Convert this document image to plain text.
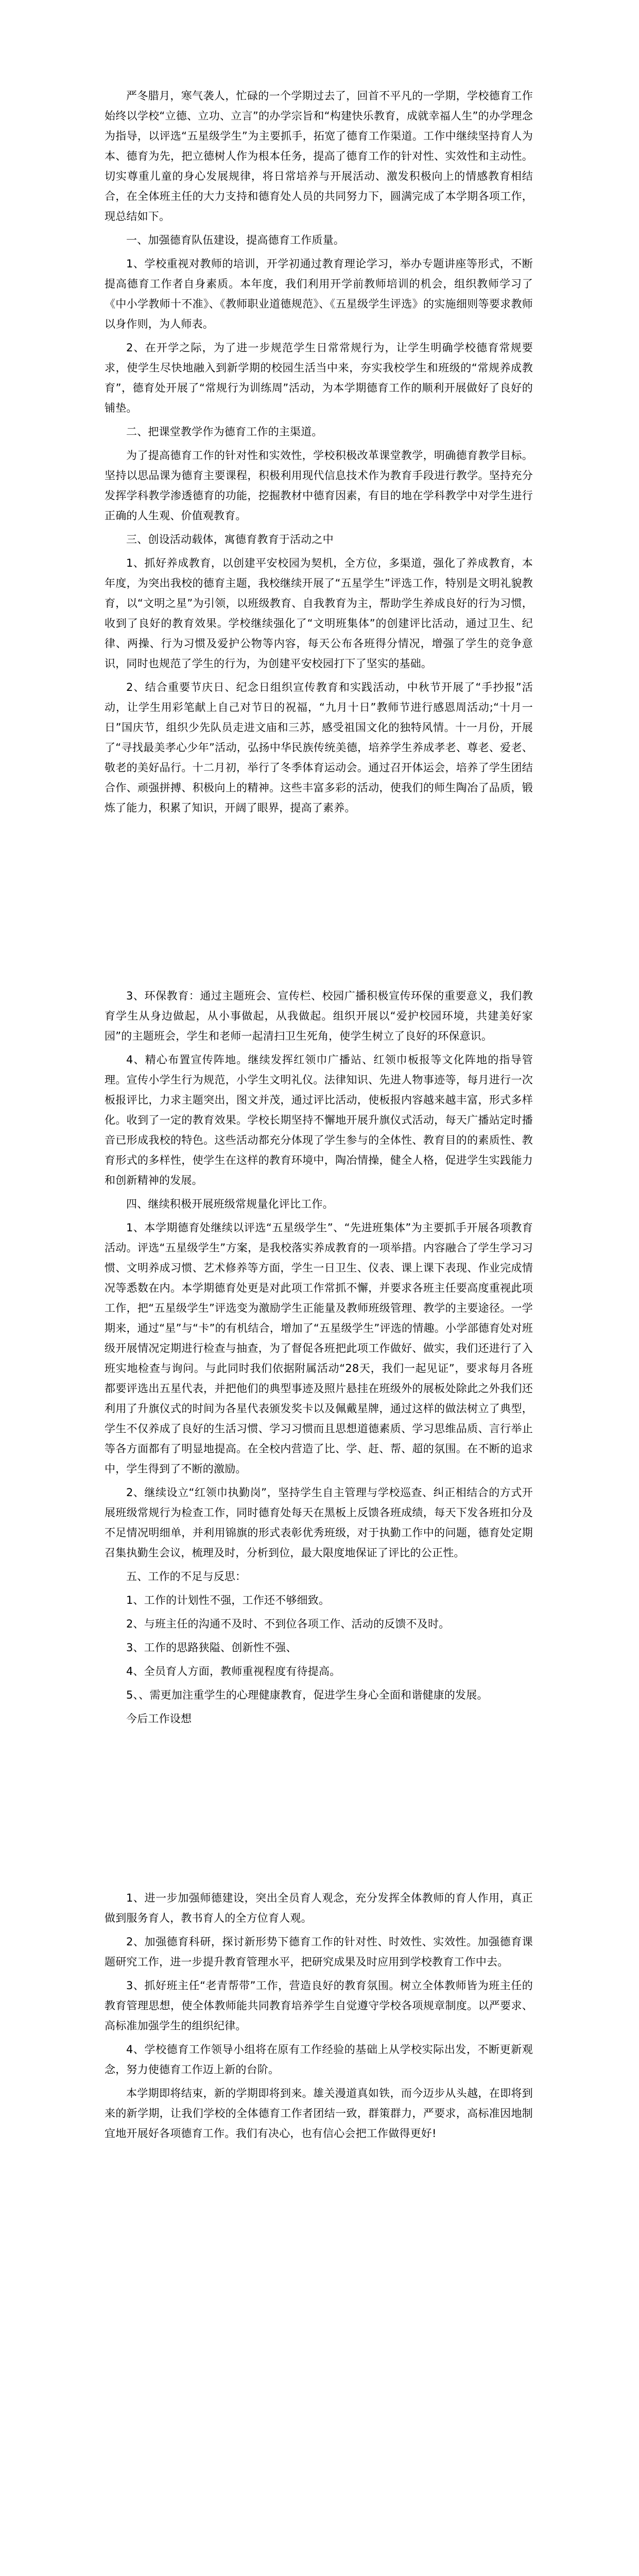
严冬腊月，寒气袭人，忙碌的一个学期过去了，回首不平凡的一学期，学校德育工作始终以学校“立德、立功、立言”的办学宗旨和“构建快乐教育，成就幸福人生”的办学理念为指导，以评选“五星级学生”为主要抓手，拓宽了德育工作渠道。工作中继续坚持育人为本、德育为先，把立德树人作为根本任务，提高了德育工作的针对性、实效性和主动性。切实尊重儿童的身心发展规律，将日常培养与开展活动、激发积极向上的情感教育相结合，在全体班主任的大力支持和德育处人员的共同努力下，圆满完成了本学期各项工作，现总结如下。

一、加强德育队伍建设，提高德育工作质量。

1、学校重视对教师的培训，开学初通过教育理论学习，举办专题讲座等形式，不断提高德育工作者自身素质。本年度，我们利用开学前教师培训的机会，组织教师学习了《中小学教师十不准》、《教师职业道德规范》、《五星级学生评选》的实施细则等要求教师以身作则，为人师表。

2、在开学之际，为了进一步规范学生日常常规行为，让学生明确学校德育常规要求，使学生尽快地融入到新学期的校园生活当中来，夯实我校学生和班级的“常规养成教育”，德育处开展了“常规行为训练周”活动，为本学期德育工作的顺利开展做好了良好的铺垫。

二、把课堂教学作为德育工作的主渠道。

为了提高德育工作的针对性和实效性，学校积极改革课堂教学，明确德育教学目标。坚持以思品课为德育主要课程，积极利用现代信息技术作为教育手段进行教学。坚持充分发挥学科教学渗透德育的功能，挖掘教材中德育因素，有目的地在学科教学中对学生进行正确的人生观、价值观教育。

三、创设活动载体，寓德育教育于活动之中

1、抓好养成教育，以创建平安校园为契机，全方位，多渠道，强化了养成教育，本年度，为突出我校的德育主题，我校继续开展了“五星学生”评选工作，特别是文明礼貌教育，以“文明之星”为引领，以班级教育、自我教育为主，帮助学生养成良好的行为习惯，收到了良好的教育效果。学校继续强化了“文明班集体”的创建评比活动，通过卫生、纪律、两操、行为习惯及爱护公物等内容，每天公布各班得分情况，增强了学生的竞争意识，同时也规范了学生的行为，为创建平安校园打下了坚实的基础。

2、结合重要节庆日、纪念日组织宣传教育和实践活动，中秋节开展了“手抄报”活动，让学生用彩笔献上自己对节日的祝福，“九月十日”教师节进行感恩周活动;“十月一日”国庆节，组织少先队员走进文庙和三苏，感受祖国文化的独特风情。十一月份，开展了“寻找最美孝心少年”活动，弘扬中华民族传统美德，培养学生养成孝老、尊老、爱老、敬老的美好品行。十二月初，举行了冬季体育运动会。通过召开体运会，培养了学生团结合作、顽强拼搏、积极向上的精神。这些丰富多彩的活动，使我们的师生陶冶了品质，锻炼了能力，积累了知识，开阔了眼界，提高了素养。

3、环保教育：通过主题班会、宣传栏、校园广播积极宣传环保的重要意义，我们教育学生从身边做起，从小事做起，从我做起。组织开展以“爱护校园环境，共建美好家园”的主题班会，学生和老师一起清扫卫生死角，使学生树立了良好的环保意识。

4、精心布置宣传阵地。继续发挥红领巾广播站、红领巾板报等文化阵地的指导管理。宣传小学生行为规范，小学生文明礼仪。法律知识、先进人物事迹等，每月进行一次板报评比，力求主题突出，图文并茂，通过评比活动，使板报内容越来越丰富，形式多样化。收到了一定的教育效果。学校长期坚持不懈地开展升旗仪式活动，每天广播站定时播音已形成我校的特色。这些活动都充分体现了学生参与的全体性、教育目的的素质性、教育形式的多样性，使学生在这样的教育环境中，陶冶情操，健全人格，促进学生实践能力和创新精神的发展。

四、继续积极开展班级常规量化评比工作。

1、本学期德育处继续以评选“五星级学生”、“先进班集体”为主要抓手开展各项教育活动。评选“五星级学生”方案，是我校落实养成教育的一项举措。内容融合了学生学习习惯、文明养成习惯、艺术修养等方面，学生一日卫生、仪表、课上课下表现、作业完成情况等悉数在内。本学期德育处更是对此项工作常抓不懈，并要求各班主任要高度重视此项工作，把“五星级学生”评选变为激励学生正能量及教师班级管理、教学的主要途径。一学期来，通过“星”与“卡”的有机结合，增加了“五星级学生”评选的情趣。小学部德育处对班级开展情况定期进行检查与抽查，为了督促各班把此项工作做好、做实，我们还进行了入班实地检查与询问。与此同时我们依据附属活动“28天，我们一起见证”，要求每月各班都要评选出五星代表，并把他们的典型事迹及照片悬挂在班级外的展板处除此之外我们还利用了升旗仪式的时间为各星代表颁发奖卡以及佩戴星牌，通过这样的做法树立了典型，学生不仅养成了良好的生活习惯、学习习惯而且思想道德素质、学习思维品质、言行举止等各方面都有了明显地提高。在全校内营造了比、学、赶、帮、超的氛围。在不断的追求中，学生得到了不断的激励。

2、继续设立“红领巾执勤岗”，坚持学生自主管理与学校巡查、纠正相结合的方式开展班级常规行为检查工作，同时德育处每天在黑板上反馈各班成绩，每天下发各班扣分及不足情况明细单，并利用锦旗的形式表彰优秀班级，对于执勤工作中的问题，德育处定期召集执勤生会议，梳理及时，分析到位，最大限度地保证了评比的公正性。

五、工作的不足与反思：

1、工作的计划性不强，工作还不够细致。

2、与班主任的沟通不及时、不到位各项工作、活动的反馈不及时。

3、工作的思路狭隘、创新性不强、

4、全员育人方面，教师重视程度有待提高。

5、、需更加注重学生的心理健康教育，促进学生身心全面和谐健康的发展。

今后工作设想

1、进一步加强师德建设，突出全员育人观念，充分发挥全体教师的育人作用，真正做到服务育人，教书育人的全方位育人观。

2、加强德育科研，探讨新形势下德育工作的针对性、时效性、实效性。加强德育课题研究工作，进一步提升教育管理水平，把研究成果及时应用到学校教育工作中去。

3、抓好班主任“老青帮带”工作，营造良好的教育氛围。树立全体教师皆为班主任的教育管理思想，使全体教师能共同教育培养学生自觉遵守学校各项规章制度。以严要求、高标准加强学生的组织纪律。

4、学校德育工作领导小组将在原有工作经验的基础上从学校实际出发，不断更新观念，努力使德育工作迈上新的台阶。

本学期即将结束，新的学期即将到来。雄关漫道真如铁，而今迈步从头越，在即将到来的新学期，让我们学校的全体德育工作者团结一致，群策群力，严要求，高标准因地制宜地开展好各项德育工作。我们有决心，也有信心会把工作做得更好!
